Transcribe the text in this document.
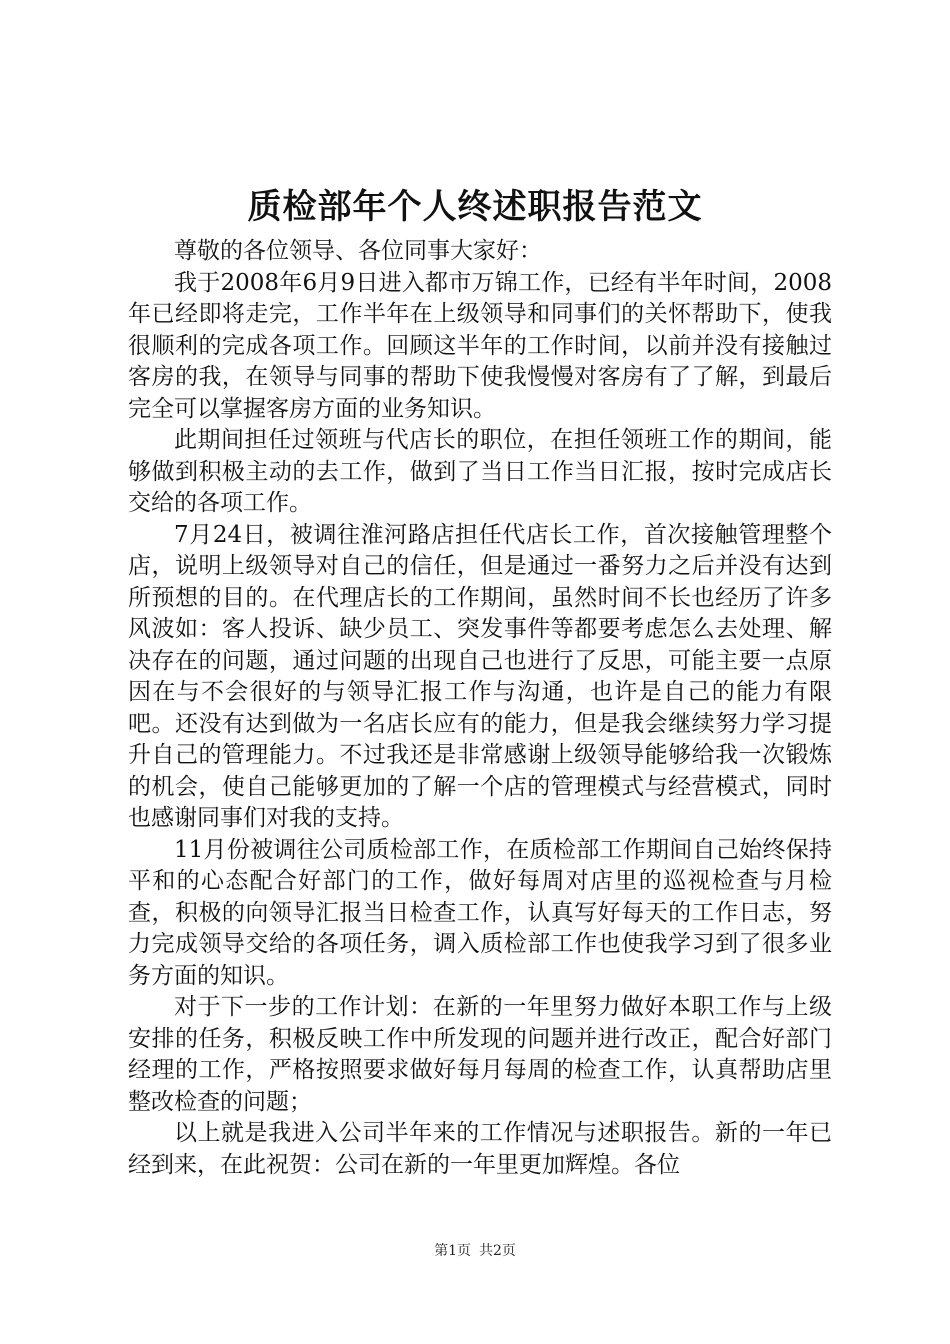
质检部年个人终述职报告范文

尊敬的各位领导、各位同事大家好：

我于2008年6月9日进入都市万锦工作，已经有半年时间，2008年已经即将走完，工作半年在上级领导和同事们的关怀帮助下，使我很顺利的完成各项工作。回顾这半年的工作时间，以前并没有接触过客房的我，在领导与同事的帮助下使我慢慢对客房有了了解，到最后完全可以掌握客房方面的业务知识。

此期间担任过领班与代店长的职位，在担任领班工作的期间，能够做到积极主动的去工作，做到了当日工作当日汇报，按时完成店长交给的各项工作。

7月24日，被调往淮河路店担任代店长工作，首次接触管理整个店，说明上级领导对自己的信任，但是通过一番努力之后并没有达到所预想的目的。在代理店长的工作期间，虽然时间不长也经历了许多风波如：客人投诉、缺少员工、突发事件等都要考虑怎么去处理、解决存在的问题，通过问题的出现自己也进行了反思，可能主要一点原因在与不会很好的与领导汇报工作与沟通，也许是自己的能力有限吧。还没有达到做为一名店长应有的能力，但是我会继续努力学习提升自己的管理能力。不过我还是非常感谢上级领导能够给我一次锻炼的机会，使自己能够更加的了解一个店的管理模式与经营模式，同时也感谢同事们对我的支持。

11月份被调往公司质检部工作，在质检部工作期间自己始终保持平和的心态配合好部门的工作，做好每周对店里的巡视检查与月检查，积极的向领导汇报当日检查工作，认真写好每天的工作日志，努力完成领导交给的各项任务，调入质检部工作也使我学习到了很多业务方面的知识。

对于下一步的工作计划：在新的一年里努力做好本职工作与上级安排的任务，积极反映工作中所发现的问题并进行改正，配合好部门经理的工作，严格按照要求做好每月每周的检查工作，认真帮助店里整改检查的问题；

以上就是我进入公司半年来的工作情况与述职报告。新的一年已经到来，在此祝贺：公司在新的一年里更加辉煌。各位

第1页 共2页
